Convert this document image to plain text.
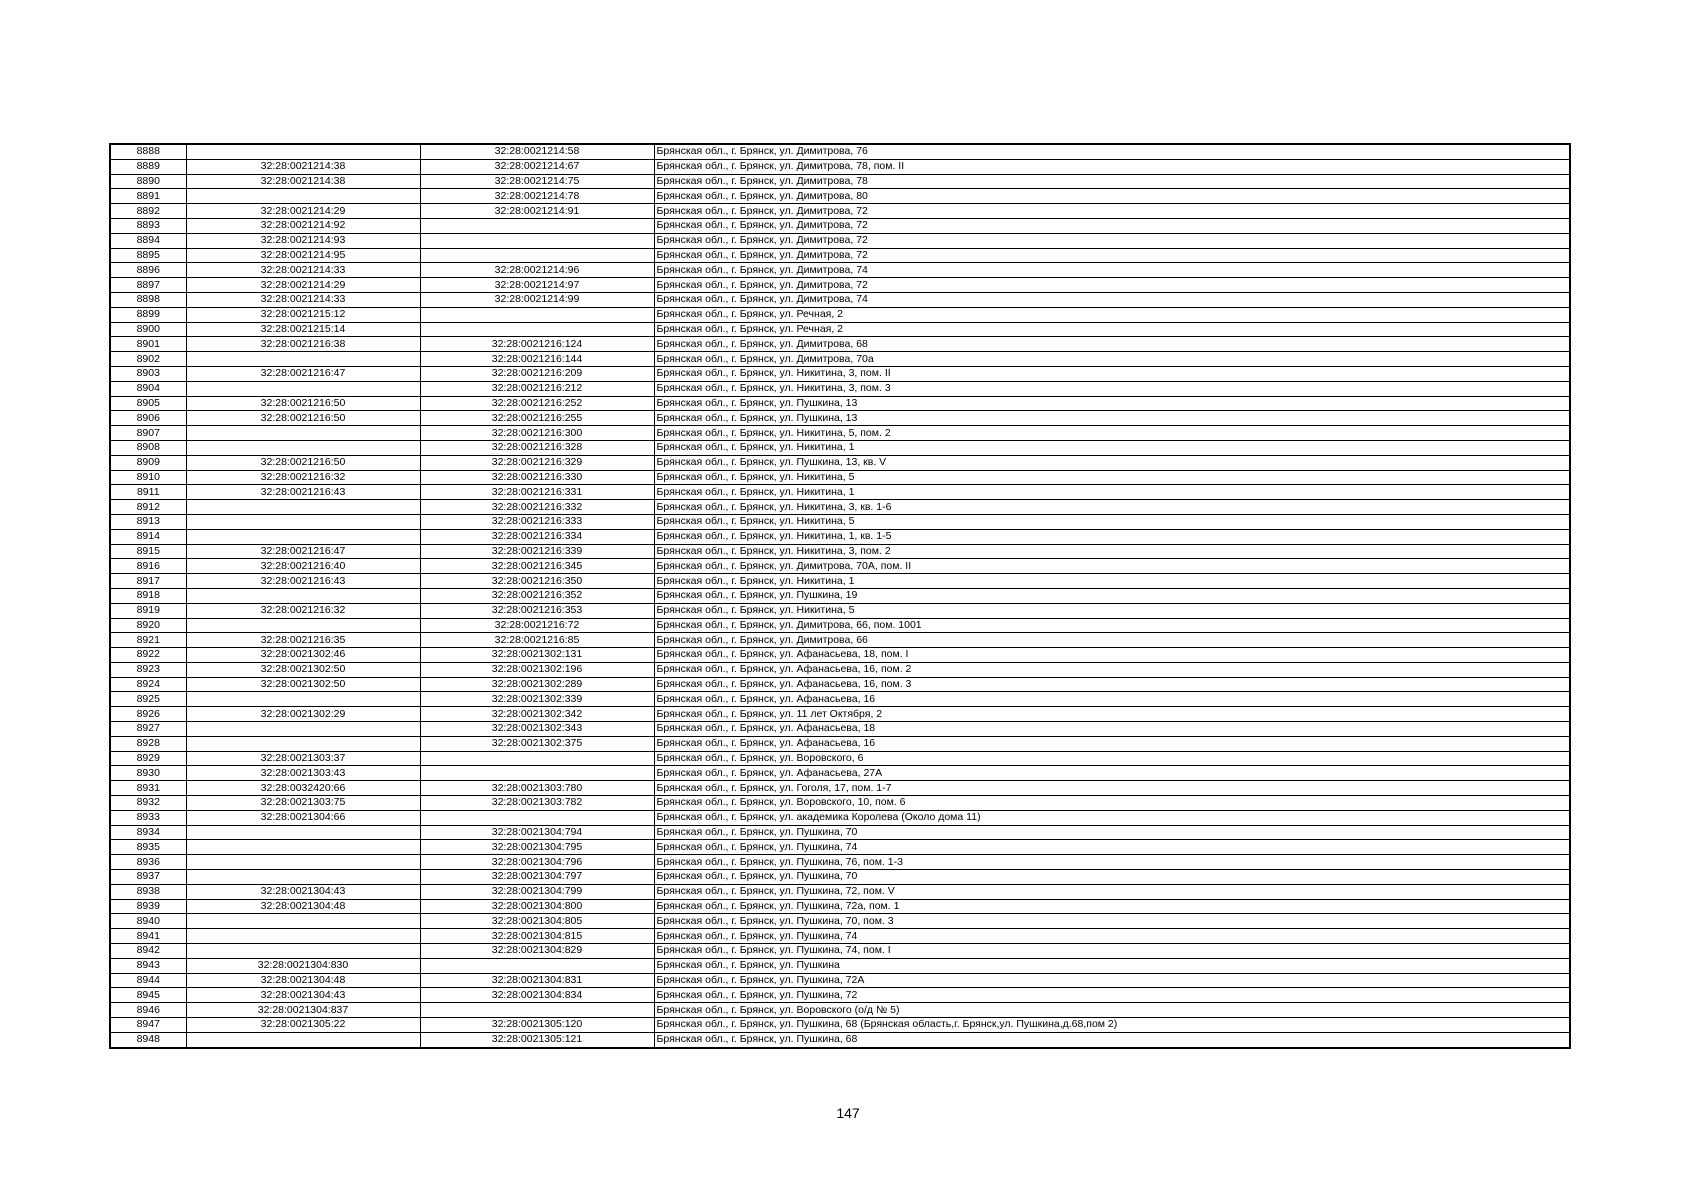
8888		32:28:0021214:58	Брянская обл., г. Брянск, ул. Димитрова, 76
8889	32:28:0021214:38	32:28:0021214:67	Брянская обл., г. Брянск, ул. Димитрова, 78, пом. II
8890	32:28:0021214:38	32:28:0021214:75	Брянская обл., г. Брянск, ул. Димитрова, 78
8891		32:28:0021214:78	Брянская обл., г. Брянск, ул. Димитрова, 80
8892	32:28:0021214:29	32:28:0021214:91	Брянская обл., г. Брянск, ул. Димитрова, 72
8893	32:28:0021214:92		Брянская обл., г. Брянск, ул. Димитрова, 72
8894	32:28:0021214:93		Брянская обл., г. Брянск, ул. Димитрова, 72
8895	32:28:0021214:95		Брянская обл., г. Брянск, ул. Димитрова, 72
8896	32:28:0021214:33	32:28:0021214:96	Брянская обл., г. Брянск, ул. Димитрова, 74
8897	32:28:0021214:29	32:28:0021214:97	Брянская обл., г. Брянск, ул. Димитрова, 72
8898	32:28:0021214:33	32:28:0021214:99	Брянская обл., г. Брянск, ул. Димитрова, 74
8899	32:28:0021215:12		Брянская обл., г. Брянск, ул. Речная, 2
8900	32:28:0021215:14		Брянская обл., г. Брянск, ул. Речная, 2
8901	32:28:0021216:38	32:28:0021216:124	Брянская обл., г. Брянск, ул. Димитрова, 68
8902		32:28:0021216:144	Брянская обл., г. Брянск, ул. Димитрова, 70а
8903	32:28:0021216:47	32:28:0021216:209	Брянская обл., г. Брянск, ул. Никитина, 3, пом. II
8904		32:28:0021216:212	Брянская обл., г. Брянск, ул. Никитина, 3, пом. 3
8905	32:28:0021216:50	32:28:0021216:252	Брянская обл., г. Брянск, ул. Пушкина, 13
8906	32:28:0021216:50	32:28:0021216:255	Брянская обл., г. Брянск, ул. Пушкина, 13
8907		32:28:0021216:300	Брянская обл., г. Брянск, ул. Никитина, 5, пом. 2
8908		32:28:0021216:328	Брянская обл., г. Брянск, ул. Никитина, 1
8909	32:28:0021216:50	32:28:0021216:329	Брянская обл., г. Брянск, ул. Пушкина, 13, кв. V
8910	32:28:0021216:32	32:28:0021216:330	Брянская обл., г. Брянск, ул. Никитина, 5
8911	32:28:0021216:43	32:28:0021216:331	Брянская обл., г. Брянск, ул. Никитина, 1
8912		32:28:0021216:332	Брянская обл., г. Брянск, ул. Никитина, 3, кв. 1-6
8913		32:28:0021216:333	Брянская обл., г. Брянск, ул. Никитина, 5
8914		32:28:0021216:334	Брянская обл., г. Брянск, ул. Никитина, 1, кв. 1-5
8915	32:28:0021216:47	32:28:0021216:339	Брянская обл., г. Брянск, ул. Никитина, 3, пом. 2
8916	32:28:0021216:40	32:28:0021216:345	Брянская обл., г. Брянск, ул. Димитрова, 70А, пом. II
8917	32:28:0021216:43	32:28:0021216:350	Брянская обл., г. Брянск, ул. Никитина, 1
8918		32:28:0021216:352	Брянская обл., г. Брянск, ул. Пушкина, 19
8919	32:28:0021216:32	32:28:0021216:353	Брянская обл., г. Брянск, ул. Никитина, 5
8920		32:28:0021216:72	Брянская обл., г. Брянск, ул. Димитрова, 66, пом. 1001
8921	32:28:0021216:35	32:28:0021216:85	Брянская обл., г. Брянск, ул. Димитрова, 66
8922	32:28:0021302:46	32:28:0021302:131	Брянская обл., г. Брянск, ул. Афанасьева, 18, пом. I
8923	32:28:0021302:50	32:28:0021302:196	Брянская обл., г. Брянск, ул. Афанасьева, 16, пом. 2
8924	32:28:0021302:50	32:28:0021302:289	Брянская обл., г. Брянск, ул. Афанасьева, 16, пом. 3
8925		32:28:0021302:339	Брянская обл., г. Брянск, ул. Афанасьева, 16
8926	32:28:0021302:29	32:28:0021302:342	Брянская обл., г. Брянск, ул. 11 лет Октября, 2
8927		32:28:0021302:343	Брянская обл., г. Брянск, ул. Афанасьева, 18
8928		32:28:0021302:375	Брянская обл., г. Брянск, ул. Афанасьева, 16
8929	32:28:0021303:37		Брянская обл., г. Брянск, ул. Воровского, 6
8930	32:28:0021303:43		Брянская обл., г. Брянск, ул. Афанасьева, 27А
8931	32:28:0032420:66	32:28:0021303:780	Брянская обл., г. Брянск, ул. Гоголя, 17, пом. 1-7
8932	32:28:0021303:75	32:28:0021303:782	Брянская обл., г. Брянск, ул. Воровского, 10, пом. 6
8933	32:28:0021304:66		Брянская обл., г. Брянск, ул. академика Королева (Около дома 11)
8934		32:28:0021304:794	Брянская обл., г. Брянск, ул. Пушкина, 70
8935		32:28:0021304:795	Брянская обл., г. Брянск, ул. Пушкина, 74
8936		32:28:0021304:796	Брянская обл., г. Брянск, ул. Пушкина, 76, пом. 1-3
8937		32:28:0021304:797	Брянская обл., г. Брянск, ул. Пушкина, 70
8938	32:28:0021304:43	32:28:0021304:799	Брянская обл., г. Брянск, ул. Пушкина, 72, пом. V
8939	32:28:0021304:48	32:28:0021304:800	Брянская обл., г. Брянск, ул. Пушкина, 72а, пом. 1
8940		32:28:0021304:805	Брянская обл., г. Брянск, ул. Пушкина, 70, пом. 3
8941		32:28:0021304:815	Брянская обл., г. Брянск, ул. Пушкина, 74
8942		32:28:0021304:829	Брянская обл., г. Брянск, ул. Пушкина, 74, пом. I
8943	32:28:0021304:830		Брянская обл., г. Брянск, ул. Пушкина
8944	32:28:0021304:48	32:28:0021304:831	Брянская обл., г. Брянск, ул. Пушкина, 72А
8945	32:28:0021304:43	32:28:0021304:834	Брянская обл., г. Брянск, ул. Пушкина, 72
8946	32:28:0021304:837		Брянская обл., г. Брянск, ул. Воровского (о/д № 5)
8947	32:28:0021305:22	32:28:0021305:120	Брянская обл., г. Брянск, ул. Пушкина, 68 (Брянская область,г. Брянск,ул. Пушкина,д.68,пом 2)
8948		32:28:0021305:121	Брянская обл., г. Брянск, ул. Пушкина, 68
147
